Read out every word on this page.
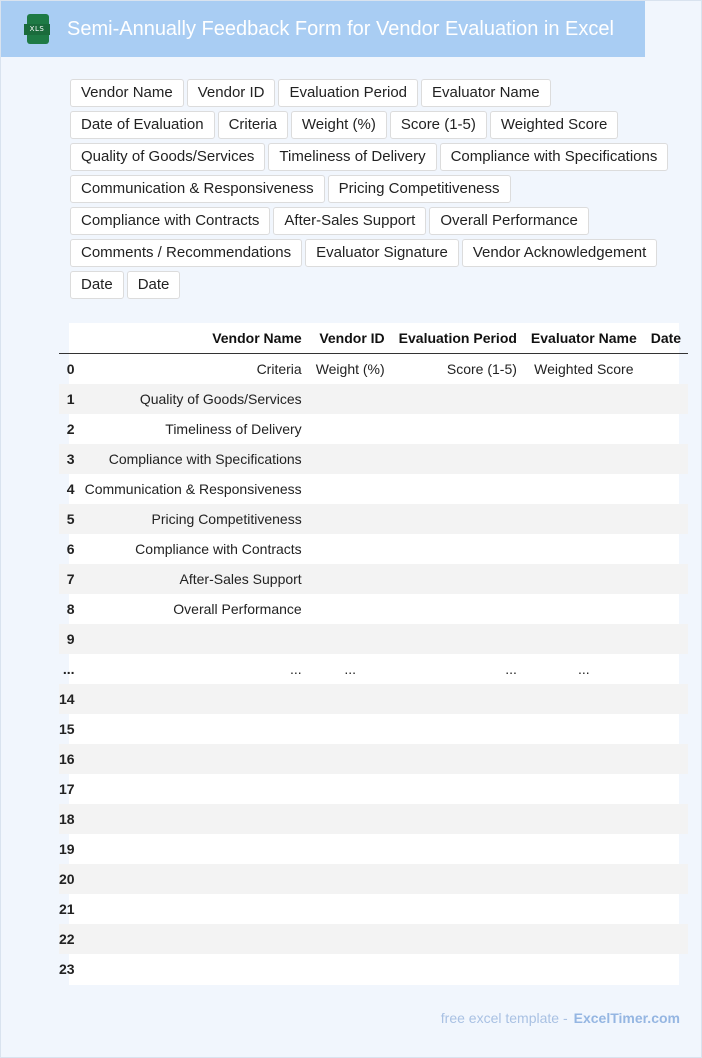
XLS Semi-Annually Feedback Form for Vendor Evaluation in Excel
Vendor Name	Vendor ID	Evaluation Period	Evaluator Name
Date of Evaluation	Criteria	Weight (%)	Score (1-5)	Weighted Score
Quality of Goods/Services	Timeliness of Delivery	Compliance with Specifications
Communication & Responsiveness	Pricing Competitiveness
Compliance with Contracts	After-Sales Support	Overall Performance
Comments / Recommendations	Evaluator Signature	Vendor Acknowledgement
Date	Date
	Vendor Name	Vendor ID	Evaluation Period	Evaluator Name	Date
0	Criteria	Weight (%)	Score (1-5)	Weighted Score	
1	Quality of Goods/Services				
2	Timeliness of Delivery				
3	Compliance with Specifications				
4	Communication & Responsiveness				
5	Pricing Competitiveness				
6	Compliance with Contracts				
7	After-Sales Support				
8	Overall Performance				
9					
...	...	...	...	...	
14					
15					
16					
17					
18					
19					
20					
21					
22					
23					
free excel template - ExcelTimer.com
